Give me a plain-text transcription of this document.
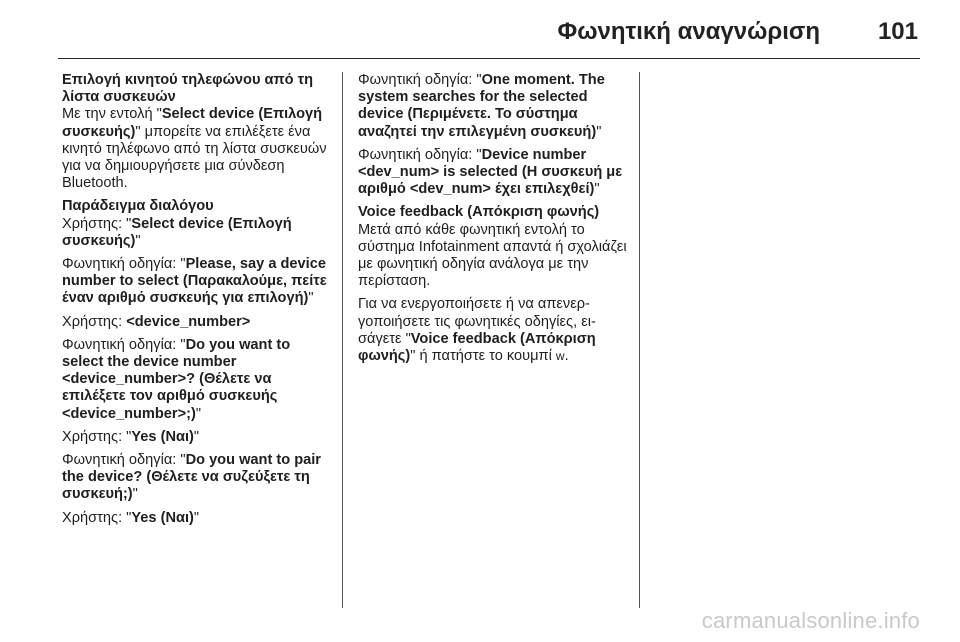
Φωνητική αναγνώριση 101

Επιλογή κινητού τηλεφώνου από τη λίστα συσκευών

Με την εντολή "Select device (Επιλογή συσκευής)" μπορείτε να επιλέξετε ένα κινητό τηλέφωνο από τη λίστα συσκευών για να δημιουργήσετε μια σύνδεση Bluetooth.

Παράδειγμα διαλόγου

Χρήστης: "Select device (Επιλογή συσκευής)"

Φωνητική οδηγία: "Please, say a device number to select (Παρακαλούμε, πείτε έναν αριθμό συσκευής για επιλογή)"

Χρήστης: <device_number>

Φωνητική οδηγία: "Do you want to select the device number <device_number>? (Θέλετε να επιλέξετε τον αριθμό συσκευής <device_number>;)"

Χρήστης: "Yes (Ναι)"

Φωνητική οδηγία: "Do you want to pair the device? (Θέλετε να συζεύξετε τη συσκευή;)"

Χρήστης: "Yes (Ναι)"

Φωνητική οδηγία: "One moment. The system searches for the selected device (Περιμένετε. Το σύστημα αναζητεί την επιλεγμένη συσκευή)"

Φωνητική οδηγία: "Device number <dev_num> is selected (Η συσκευή με αριθμό <dev_num> έχει επιλεχθεί)"

Voice feedback (Απόκριση φωνής)

Μετά από κάθε φωνητική εντολή το σύστημα Infotainment απαντά ή σχολιάζει με φωνητική οδηγία ανάλογα με την περίσταση.

Για να ενεργοποιήσετε ή να απενεργοποιήσετε τις φωνητικές οδηγίες, εισάγετε "Voice feedback (Απόκριση φωνής)" ή πατήστε το κουμπί w.

carmanualsonline.info
